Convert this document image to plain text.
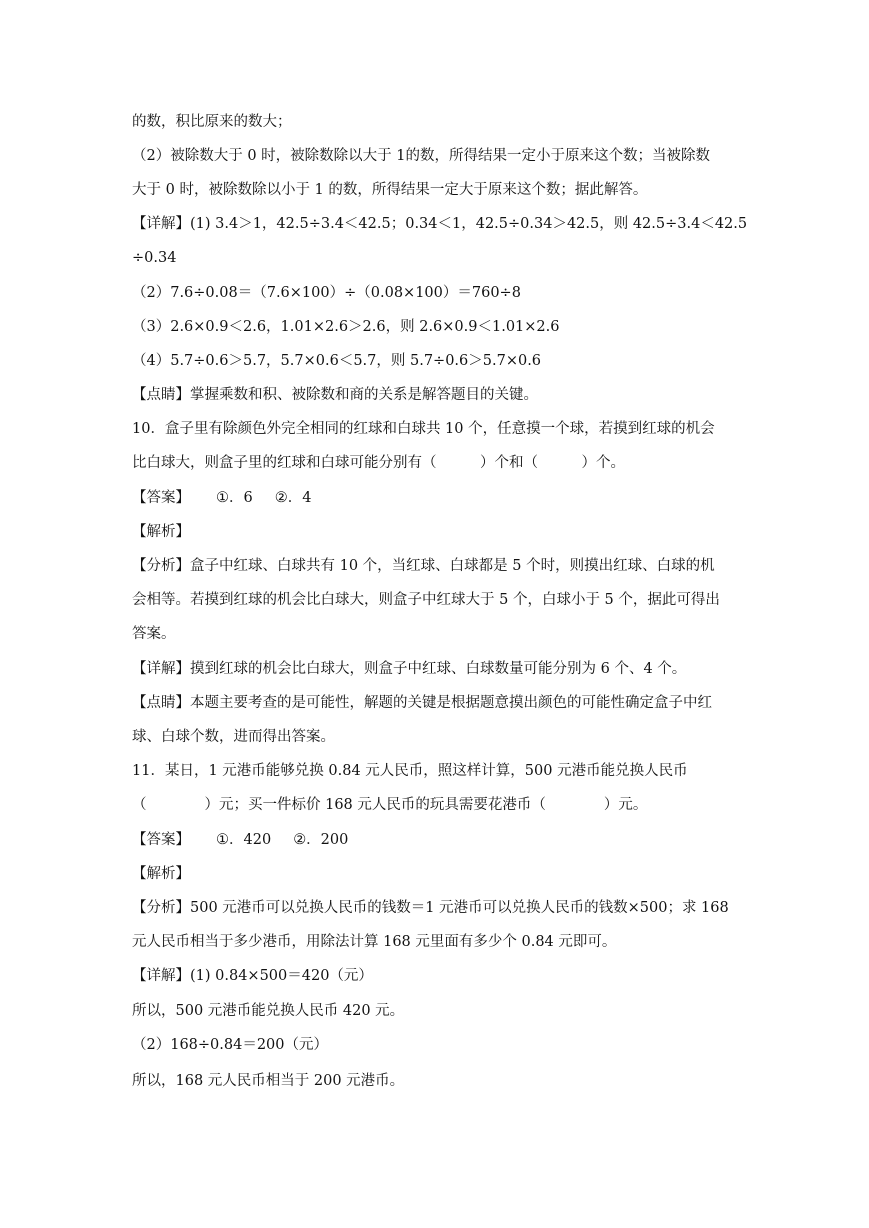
的数，积比原来的数大；
（2）被除数大于 0 时，被除数除以大于 1的数，所得结果一定小于原来这个数；当被除数
大于 0 时，被除数除以小于 1 的数，所得结果一定大于原来这个数；据此解答。
【详解】(1) 3.4＞1，42.5÷3.4＜42.5；0.34＜1，42.5÷0.34＞42.5，则 42.5÷3.4＜42.5
÷0.34
（2）7.6÷0.08＝（7.6×100）÷（0.08×100）＝760÷8
（3）2.6×0.9＜2.6，1.01×2.6＞2.6，则 2.6×0.9＜1.01×2.6
（4）5.7÷0.6＞5.7，5.7×0.6＜5.7，则 5.7÷0.6＞5.7×0.6
【点睛】掌握乘数和积、被除数和商的关系是解答题目的关键。
10．盒子里有除颜色外完全相同的红球和白球共 10 个，任意摸一个球，若摸到红球的机会
比白球大，则盒子里的红球和白球可能分别有（　　　）个和（　　　）个。
【答案】 ①．6 ②．4
【解析】
【分析】盒子中红球、白球共有 10 个，当红球、白球都是 5 个时，则摸出红球、白球的机
会相等。若摸到红球的机会比白球大，则盒子中红球大于 5 个，白球小于 5 个，据此可得出
答案。
【详解】摸到红球的机会比白球大，则盒子中红球、白球数量可能分别为 6 个、4 个。
【点睛】本题主要考查的是可能性，解题的关键是根据题意摸出颜色的可能性确定盒子中红
球、白球个数，进而得出答案。
11．某日，1 元港币能够兑换 0.84 元人民币，照这样计算，500 元港币能兑换人民币
（　　　　）元；买一件标价 168 元人民币的玩具需要花港币（　　　　）元。
【答案】 ①．420 ②．200
【解析】
【分析】500 元港币可以兑换人民币的钱数＝1 元港币可以兑换人民币的钱数×500；求 168
元人民币相当于多少港币，用除法计算 168 元里面有多少个 0.84 元即可。
【详解】(1) 0.84×500＝420（元）
所以，500 元港币能兑换人民币 420 元。
（2）168÷0.84＝200（元）
所以，168 元人民币相当于 200 元港币。
